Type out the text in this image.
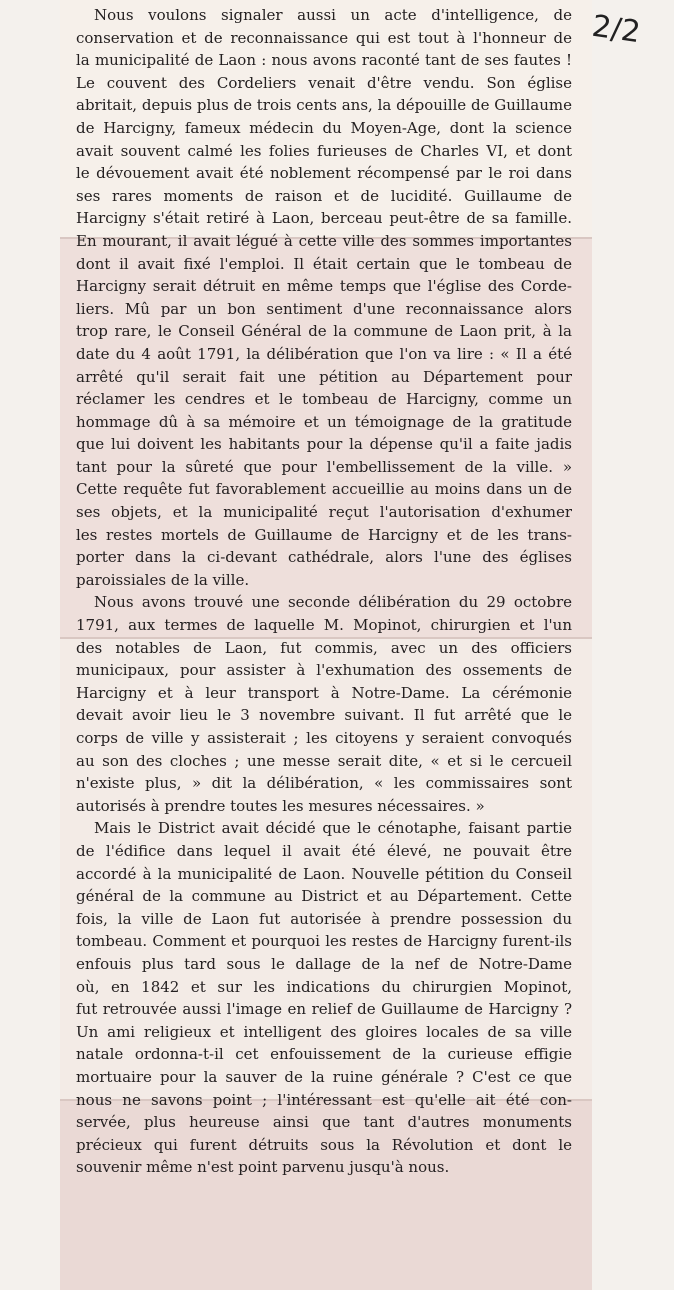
2/2
Nous voulons signaler aussi un acte d'intelligence, de
conservation et de reconnaissance qui est tout à l'honneur de
la municipalité de Laon : nous avons raconté tant de ses fautes !
Le couvent des Cordeliers venait d'être vendu. Son église
abritait, depuis plus de trois cents ans, la dépouille de Guillaume
de Harcigny, fameux médecin du Moyen-Age, dont la science
avait souvent calmé les folies furieuses de Charles VI, et dont
le dévouement avait été noblement récompensé par le roi dans
ses rares moments de raison et de lucidité. Guillaume de
Harcigny s'était retiré à Laon, berceau peut-être de sa famille.
En mourant, il avait légué à cette ville des sommes importantes
dont il avait fixé l'emploi. Il était certain que le tombeau de
Harcigny serait détruit en même temps que l'église des Corde-
liers. Mû par un bon sentiment d'une reconnaissance alors
trop rare, le Conseil Général de la commune de Laon prit, à la
date du 4 août 1791, la délibération que l'on va lire : « Il a été
arrêté qu'il serait fait une pétition au Département pour
réclamer les cendres et le tombeau de Harcigny, comme un
hommage dû à sa mémoire et un témoignage de la gratitude
que lui doivent les habitants pour la dépense qu'il a faite jadis
tant pour la sûreté que pour l'embellissement de la ville. »
Cette requête fut favorablement accueillie au moins dans un de
ses objets, et la municipalité reçut l'autorisation d'exhumer
les restes mortels de Guillaume de Harcigny et de les trans-
porter dans la ci-devant cathédrale, alors l'une des églises
paroissiales de la ville.
Nous avons trouvé une seconde délibération du 29 octobre
1791, aux termes de laquelle M. Mopinot, chirurgien et l'un
des notables de Laon, fut commis, avec un des officiers
municipaux, pour assister à l'exhumation des ossements de
Harcigny et à leur transport à Notre-Dame. La cérémonie
devait avoir lieu le 3 novembre suivant. Il fut arrêté que le
corps de ville y assisterait ; les citoyens y seraient convoqués
au son des cloches ; une messe serait dite, « et si le cercueil
n'existe plus, » dit la délibération, « les commissaires sont
autorisés à prendre toutes les mesures nécessaires. »
Mais le District avait décidé que le cénotaphe, faisant partie
de l'édifice dans lequel il avait été élevé, ne pouvait être
accordé à la municipalité de Laon. Nouvelle pétition du Conseil
général de la commune au District et au Département. Cette
fois, la ville de Laon fut autorisée à prendre possession du
tombeau. Comment et pourquoi les restes de Harcigny furent-ils
enfouis plus tard sous le dallage de la nef de Notre-Dame
où, en 1842 et sur les indications du chirurgien Mopinot,
fut retrouvée aussi l'image en relief de Guillaume de Harcigny ?
Un ami religieux et intelligent des gloires locales de sa ville
natale ordonna-t-il cet enfouissement de la curieuse effigie
mortuaire pour la sauver de la ruine générale ? C'est ce que
nous ne savons point ; l'intéressant est qu'elle ait été con-
servée, plus heureuse ainsi que tant d'autres monuments
précieux qui furent détruits sous la Révolution et dont le
souvenir même n'est point parvenu jusqu'à nous.
